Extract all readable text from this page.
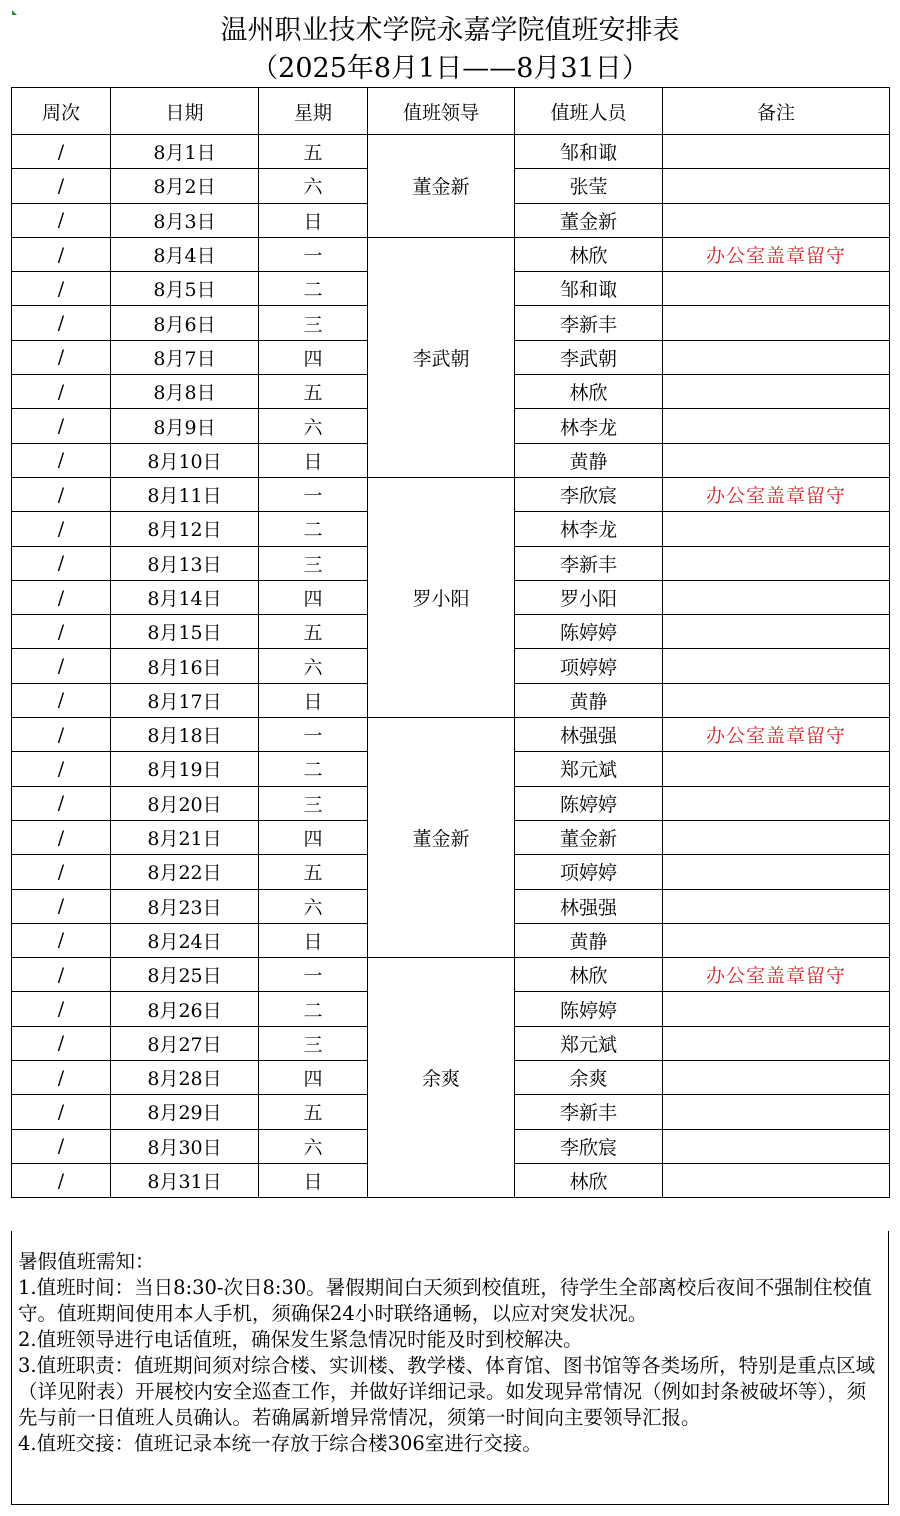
温州职业技术学院永嘉学院值班安排表
（2025年8月1日——8月31日）
周次	日期	星期	值班领导	值班人员	备注
/	8月1日	五	董金新	邹和诹	
/	8月2日	六		张莹	
/	8月3日	日		董金新	
/	8月4日	一	李武朝	林欣	办公室盖章留守
/	8月5日	二		邹和诹	
/	8月6日	三		李新丰	
/	8月7日	四		李武朝	
/	8月8日	五		林欣	
/	8月9日	六		林李龙	
/	8月10日	日		黄静	
/	8月11日	一	罗小阳	李欣宸	办公室盖章留守
/	8月12日	二		林李龙	
/	8月13日	三		李新丰	
/	8月14日	四		罗小阳	
/	8月15日	五		陈婷婷	
/	8月16日	六		项婷婷	
/	8月17日	日		黄静	
/	8月18日	一	董金新	林强强	办公室盖章留守
/	8月19日	二		郑元斌	
/	8月20日	三		陈婷婷	
/	8月21日	四		董金新	
/	8月22日	五		项婷婷	
/	8月23日	六		林强强	
/	8月24日	日		黄静	
/	8月25日	一	余爽	林欣	办公室盖章留守
/	8月26日	二		陈婷婷	
/	8月27日	三		郑元斌	
/	8月28日	四		余爽	
/	8月29日	五		李新丰	
/	8月30日	六		李欣宸	
/	8月31日	日		林欣	

暑假值班需知：

1.值班时间：当日8:30-次日8:30。暑假期间白天须到校值班，待学生全部离校后夜间不强制住校值守。值班期间使用本人手机，须确保24小时联络通畅，以应对突发状况。

2.值班领导进行电话值班，确保发生紧急情况时能及时到校解决。

3.值班职责：值班期间须对综合楼、实训楼、教学楼、体育馆、图书馆等各类场所，特别是重点区域（详见附表）开展校内安全巡查工作，并做好详细记录。如发现异常情况（例如封条被破坏等），须先与前一日值班人员确认。若确属新增异常情况，须第一时间向主要领导汇报。

4.值班交接：值班记录本统一存放于综合楼306室进行交接。
